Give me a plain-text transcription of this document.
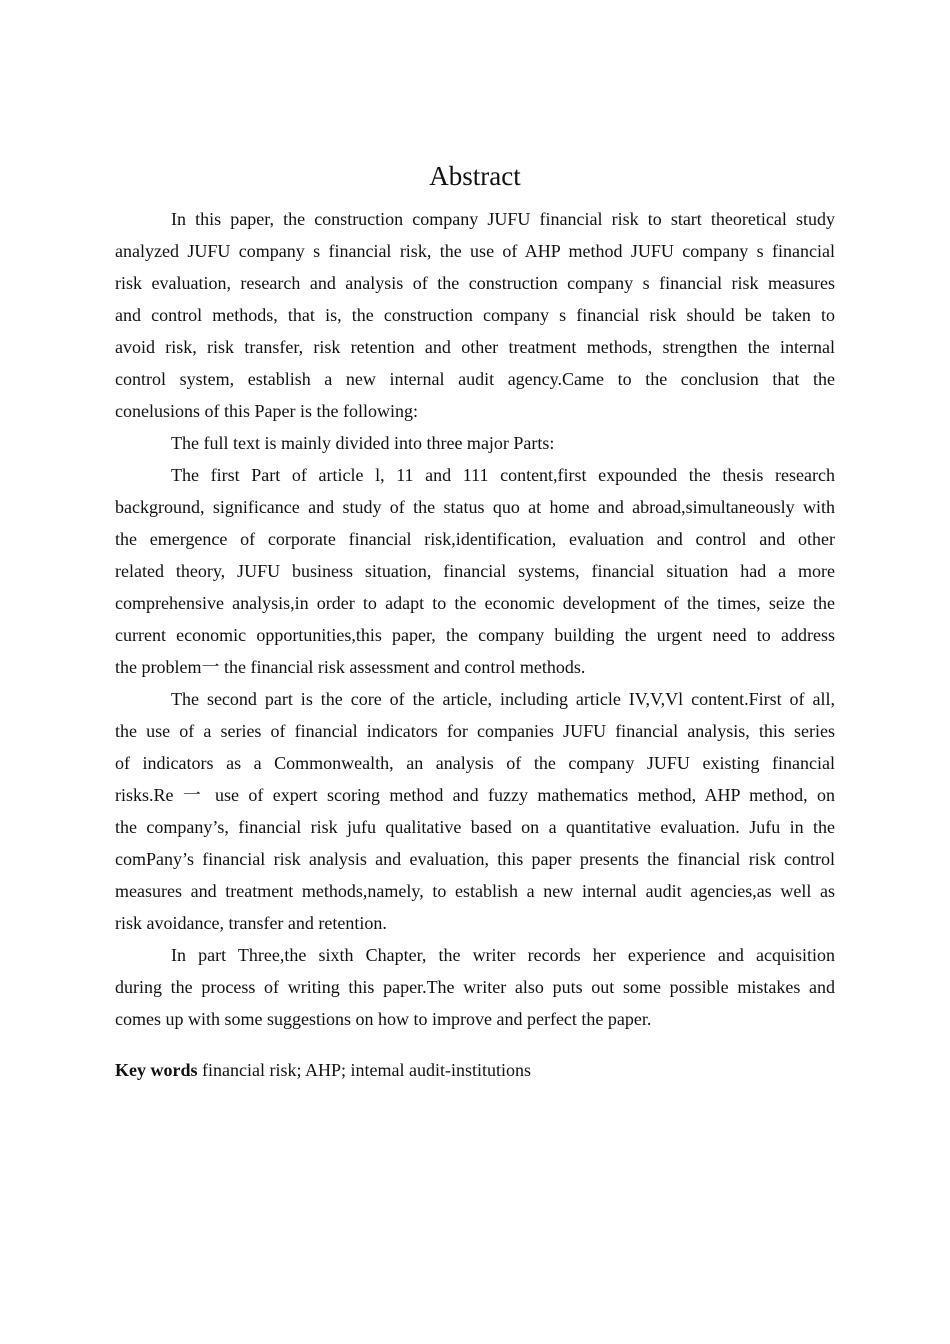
Abstract
In this paper, the construction company JUFU financial risk to start theoretical study
analyzed JUFU company s financial risk, the use of AHP method JUFU company s financial
risk evaluation, research and analysis of the construction company s financial risk measures
and control methods, that is, the construction company s financial risk should be taken to
avoid risk, risk transfer, risk retention and other treatment methods, strengthen the internal
control system, establish a new internal audit agency.Came to the conclusion that the
conelusions of this Paper is the following:
The full text is mainly divided into three major Parts:
The first Part of article l, 11 and 111 content,first expounded the thesis research
background, significance and study of the status quo at home and abroad,simultaneously with
the emergence of corporate financial risk,identification, evaluation and control and other
related theory, JUFU business situation, financial systems, financial situation had a more
comprehensive analysis,in order to adapt to the economic development of the times, seize the
current economic opportunities,this paper, the company building the urgent need to address
the problem一 the financial risk assessment and control methods.
The second part is the core of the article, including article IV,V,Vl content.First of all,
the use of a series of financial indicators for companies JUFU financial analysis, this series
of indicators as a Commonwealth, an analysis of the company JUFU existing financial
risks.Re 一 use of expert scoring method and fuzzy mathematics method, AHP method, on
the company’s, financial risk jufu qualitative based on a quantitative evaluation. Jufu in the
comPany’s financial risk analysis and evaluation, this paper presents the financial risk control
measures and treatment methods,namely, to establish a new internal audit agencies,as well as
risk avoidance, transfer and retention.
In part Three,the sixth Chapter, the writer records her experience and acquisition
during the process of writing this paper.The writer also puts out some possible mistakes and
comes up with some suggestions on how to improve and perfect the paper.
Key words financial risk; AHP; intemal audit-institutions
